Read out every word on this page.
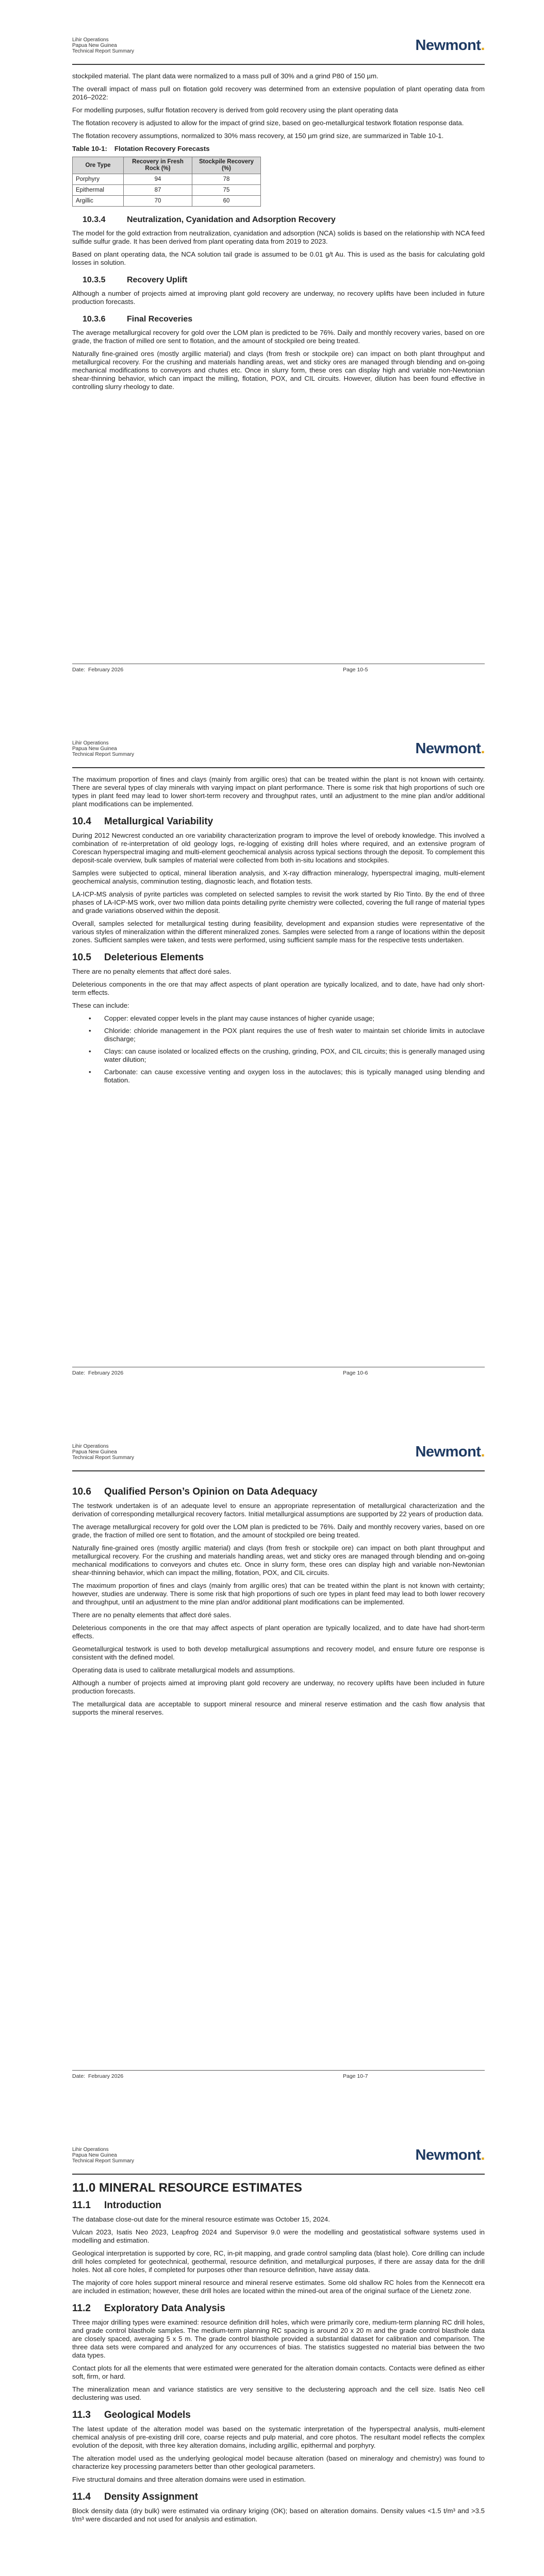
Lihir Operations
Papua New Guinea
Technical Report Summary	Newmont.

stockpiled material. The plant data were normalized to a mass pull of 30% and a grind P80 of 150 µm.

The overall impact of mass pull on flotation gold recovery was determined from an extensive population of plant operating data from 2016–2022:

For modelling purposes, sulfur flotation recovery is derived from gold recovery using the plant operating data

The flotation recovery is adjusted to allow for the impact of grind size, based on geo-metallurgical testwork flotation response data.

The flotation recovery assumptions, normalized to 30% mass recovery, at 150 µm grind size, are summarized in Table 10-1.

Table 10-1: Flotation Recovery Forecasts
Ore Type	Recovery in Fresh Rock (%)	Stockpile Recovery (%)
Porphyry	94	78
Epithermal	87	75
Argillic	70	60
10.3.4	Neutralization, Cyanidation and Adsorption Recovery

The model for the gold extraction from neutralization, cyanidation and adsorption (NCA) solids is based on the relationship with NCA feed sulfide sulfur grade. It has been derived from plant operating data from 2019 to 2023.

Based on plant operating data, the NCA solution tail grade is assumed to be 0.01 g/t Au. This is used as the basis for calculating gold losses in solution.

10.3.5	Recovery Uplift

Although a number of projects aimed at improving plant gold recovery are underway, no recovery uplifts have been included in future production forecasts.

10.3.6	Final Recoveries

The average metallurgical recovery for gold over the LOM plan is predicted to be 76%. Daily and monthly recovery varies, based on ore grade, the fraction of milled ore sent to flotation, and the amount of stockpiled ore being treated.

Naturally fine-grained ores (mostly argillic material) and clays (from fresh or stockpile ore) can impact on both plant throughput and metallurgical recovery. For the crushing and materials handling areas, wet and sticky ores are managed through blending and on-going mechanical modifications to conveyors and chutes etc. Once in slurry form, these ores can display high and variable non-Newtonian shear-thinning behavior, which can impact the milling, flotation, POX, and CIL circuits. However, dilution has been found effective in controlling slurry rheology to date.

Date: February 2026	Page 10-5
Lihir Operations
Papua New Guinea
Technical Report Summary	Newmont.

The maximum proportion of fines and clays (mainly from argillic ores) that can be treated within the plant is not known with certainty. There are several types of clay minerals with varying impact on plant performance. There is some risk that high proportions of such ore types in plant feed may lead to lower short-term recovery and throughput rates, until an adjustment to the mine plan and/or additional plant modifications can be implemented.

10.4 Metallurgical Variability

During 2012 Newcrest conducted an ore variability characterization program to improve the level of orebody knowledge. This involved a combination of re-interpretation of old geology logs, re-logging of existing drill holes where required, and an extensive program of Corescan hyperspectral imaging and multi-element geochemical analysis across typical sections through the deposit. To complement this deposit-scale overview, bulk samples of material were collected from both in-situ locations and stockpiles.

Samples were subjected to optical, mineral liberation analysis, and X-ray diffraction mineralogy, hyperspectral imaging, multi-element geochemical analysis, comminution testing, diagnostic leach, and flotation tests.

LA-ICP-MS analysis of pyrite particles was completed on selected samples to revisit the work started by Rio Tinto. By the end of three phases of LA-ICP-MS work, over two million data points detailing pyrite chemistry were collected, covering the full range of material types and grade variations observed within the deposit.

Overall, samples selected for metallurgical testing during feasibility, development and expansion studies were representative of the various styles of mineralization within the different mineralized zones. Samples were selected from a range of locations within the deposit zones. Sufficient samples were taken, and tests were performed, using sufficient sample mass for the respective tests undertaken.

10.5 Deleterious Elements

There are no penalty elements that affect doré sales.

Deleterious components in the ore that may affect aspects of plant operation are typically localized, and to date, have had only short-term effects.

These can include:

• Copper: elevated copper levels in the plant may cause instances of higher cyanide usage;
• Chloride: chloride management in the POX plant requires the use of fresh water to maintain set chloride limits in autoclave discharge;
• Clays: can cause isolated or localized effects on the crushing, grinding, POX, and CIL circuits; this is generally managed using water dilution;
• Carbonate: can cause excessive venting and oxygen loss in the autoclaves; this is typically managed using blending and flotation.
Date: February 2026	Page 10-6
Lihir Operations
Papua New Guinea
Technical Report Summary	Newmont.
10.6 Qualified Person’s Opinion on Data Adequacy

The testwork undertaken is of an adequate level to ensure an appropriate representation of metallurgical characterization and the derivation of corresponding metallurgical recovery factors. Initial metallurgical assumptions are supported by 22 years of production data.

The average metallurgical recovery for gold over the LOM plan is predicted to be 76%. Daily and monthly recovery varies, based on ore grade, the fraction of milled ore sent to flotation, and the amount of stockpiled ore being treated.

Naturally fine-grained ores (mostly argillic material) and clays (from fresh or stockpile ore) can impact on both plant throughput and metallurgical recovery. For the crushing and materials handling areas, wet and sticky ores are managed through blending and on-going mechanical modifications to conveyors and chutes etc. Once in slurry form, these ores can display high and variable non-Newtonian shear-thinning behavior, which can impact the milling, flotation, POX, and CIL circuits.

The maximum proportion of fines and clays (mainly from argillic ores) that can be treated within the plant is not known with certainty; however, studies are underway. There is some risk that high proportions of such ore types in plant feed may lead to both lower recovery and throughput, until an adjustment to the mine plan and/or additional plant modifications can be implemented.

There are no penalty elements that affect doré sales.

Deleterious components in the ore that may affect aspects of plant operation are typically localized, and to date have had short-term effects.

Geometallurgical testwork is used to both develop metallurgical assumptions and recovery model, and ensure future ore response is consistent with the defined model.

Operating data is used to calibrate metallurgical models and assumptions.

Although a number of projects aimed at improving plant gold recovery are underway, no recovery uplifts have been included in future production forecasts.

The metallurgical data are acceptable to support mineral resource and mineral reserve estimation and the cash flow analysis that supports the mineral reserves.

Date: February 2026	Page 10-7
Lihir Operations
Papua New Guinea
Technical Report Summary	Newmont.
11.0 MINERAL RESOURCE ESTIMATES
11.1 Introduction

The database close-out date for the mineral resource estimate was October 15, 2024.

Vulcan 2023, Isatis Neo 2023, Leapfrog 2024 and Supervisor 9.0 were the modelling and geostatistical software systems used in modelling and estimation.

Geological interpretation is supported by core, RC, in-pit mapping, and grade control sampling data (blast hole). Core drilling can include drill holes completed for geotechnical, geothermal, resource definition, and metallurgical purposes, if there are assay data for the drill holes. Not all core holes, if completed for purposes other than resource definition, have assay data.

The majority of core holes support mineral resource and mineral reserve estimates. Some old shallow RC holes from the Kennecott era are included in estimation; however, these drill holes are located within the mined-out area of the original surface of the Lienetz zone.

11.2 Exploratory Data Analysis

Three major drilling types were examined: resource definition drill holes, which were primarily core, medium-term planning RC drill holes, and grade control blasthole samples. The medium-term planning RC spacing is around 20 x 20 m and the grade control blasthole data are closely spaced, averaging 5 x 5 m. The grade control blasthole provided a substantial dataset for calibration and comparison. The three data sets were compared and analyzed for any occurrences of bias. The statistics suggested no material bias between the two data types.

Contact plots for all the elements that were estimated were generated for the alteration domain contacts. Contacts were defined as either soft, firm, or hard.

The mineralization mean and variance statistics are very sensitive to the declustering approach and the cell size. Isatis Neo cell declustering was used.

11.3 Geological Models

The latest update of the alteration model was based on the systematic interpretation of the hyperspectral analysis, multi-element chemical analysis of pre-existing drill core, coarse rejects and pulp material, and core photos. The resultant model reflects the complex evolution of the deposit, with three key alteration domains, including argillic, epithermal and porphyry.

The alteration model used as the underlying geological model because alteration (based on mineralogy and chemistry) was found to characterize key processing parameters better than other geological parameters.

Five structural domains and three alteration domains were used in estimation.

11.4 Density Assignment

Block density data (dry bulk) were estimated via ordinary kriging (OK); based on alteration domains. Density values <1.5 t/m³ and >3.5 t/m³ were discarded and not used for analysis and estimation.
